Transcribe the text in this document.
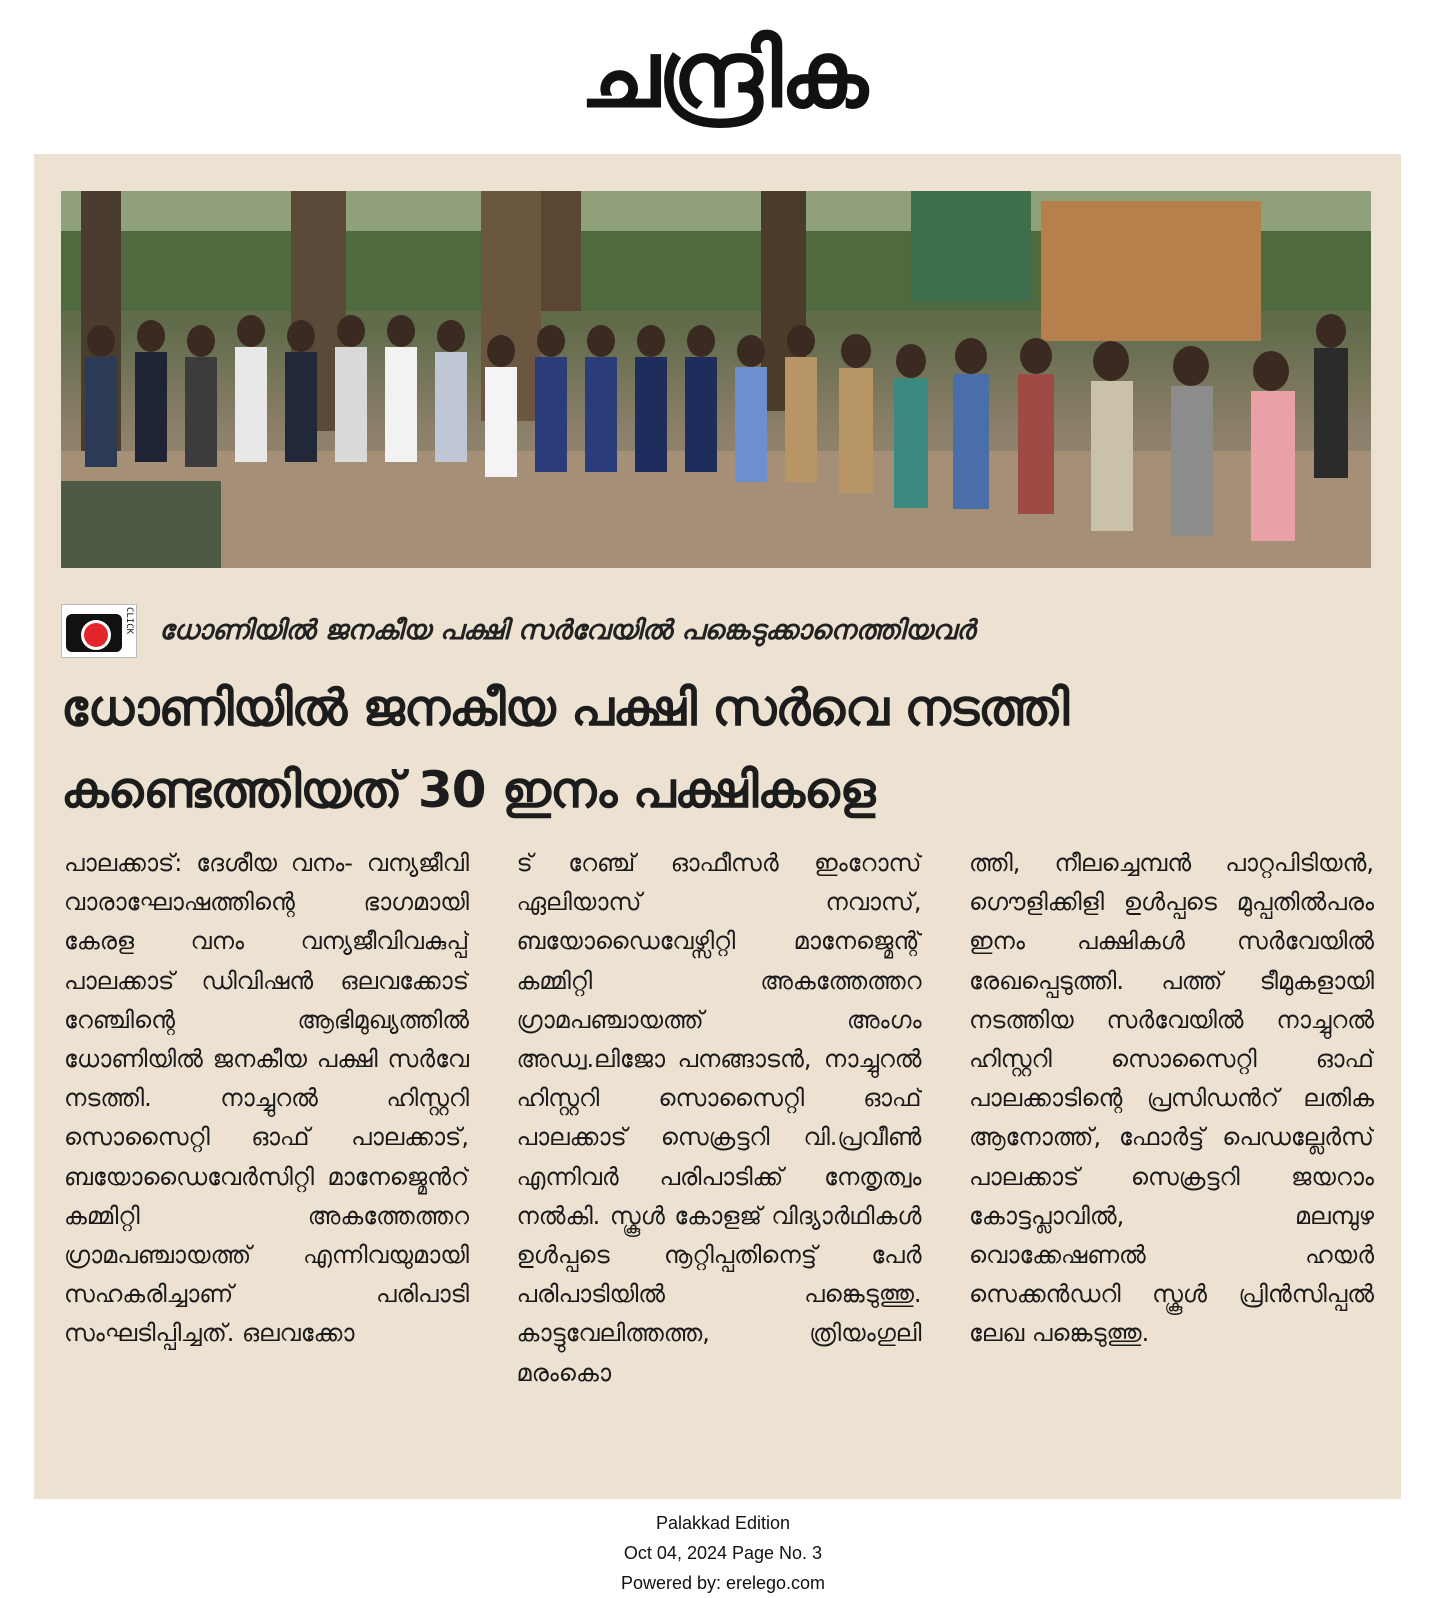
ചന്ദ്രിക
CLICK ധോണിയിൽ ജനകീയ പക്ഷി സർവേയിൽ പങ്കെടുക്കാനെത്തിയവർ
ധോണിയിൽ ജനകീയ പക്ഷി സർവെ നടത്തി
കണ്ടെത്തിയത് 30 ഇനം പക്ഷികളെ
പാലക്കാട്: ദേശീയ വനം- വന്യജീവി വാരാഘോഷത്തിന്റെ ഭാഗമായി കേരള വനം വന്യജീവിവകുപ്പ് പാലക്കാട് ഡിവിഷൻ ഒലവക്കോട് റേഞ്ചിന്റെ ആഭിമുഖ്യത്തിൽ ധോണിയിൽ ജനകീയ പക്ഷി സർവേ നടത്തി. നാച്ചുറൽ ഹിസ്റ്ററി സൊസൈറ്റി ഓഫ് പാലക്കാട്, ബയോഡൈവേർസിറ്റി മാനേജ്മെൻറ് കമ്മിറ്റി അകത്തേത്തറ ഗ്രാമപഞ്ചായത്ത് എന്നിവയുമായി സഹകരിച്ചാണ് പരിപാടി സംഘടിപ്പിച്ചത്. ഒലവക്കോ
ട് റേഞ്ച് ഓഫീസർ ഇംറോസ് ഏലിയാസ് നവാസ്, ബയോഡൈവേഴ്സിറ്റി മാനേജ്മെന്റ് കമ്മിറ്റി അകത്തേത്തറ ഗ്രാമപഞ്ചായത്ത് അംഗം അഡ്വ.ലിജോ പനങ്ങാടൻ, നാച്ചുറൽ ഹിസ്റ്ററി സൊസൈറ്റി ഓഫ് പാലക്കാട് സെക്രട്ടറി വി.പ്രവീൺ എന്നിവർ പരിപാടിക്ക് നേതൃത്വം നൽകി. സ്കൂൾ കോളജ് വിദ്യാർഥികൾ ഉൾപ്പടെ നൂറ്റിപ്പതിനെട്ട് പേർ പരിപാടിയിൽ പങ്കെടുത്തു. കാട്ടുവേലിത്തത്ത, ത്രിയംഗുലി മരംകൊ
ത്തി, നീലച്ചെമ്പൻ പാറ്റപിടിയൻ, ഗൌളിക്കിളി ഉൾപ്പടെ മുപ്പതിൽപരം ഇനം പക്ഷികൾ സർവേയിൽ രേഖപ്പെടുത്തി. പത്ത് ടീമുകളായി നടത്തിയ സർവേയിൽ നാച്ചുറൽ ഹിസ്റ്ററി സൊസൈറ്റി ഓഫ് പാലക്കാടിന്റെ പ്രസിഡൻറ് ലതിക ആനോത്ത്, ഫോർട്ട് പെഡല്ലേർസ് പാലക്കാട് സെക്രട്ടറി ജയറാം കോട്ടപ്ലാവിൽ, മലമ്പുഴ വൊക്കേഷണൽ ഹയർ സെക്കൻഡറി സ്കൂൾ പ്രിൻസിപ്പൽ ലേഖ പങ്കെടുത്തു.
Palakkad Edition
Oct 04, 2024 Page No. 3
Powered by: erelego.com
